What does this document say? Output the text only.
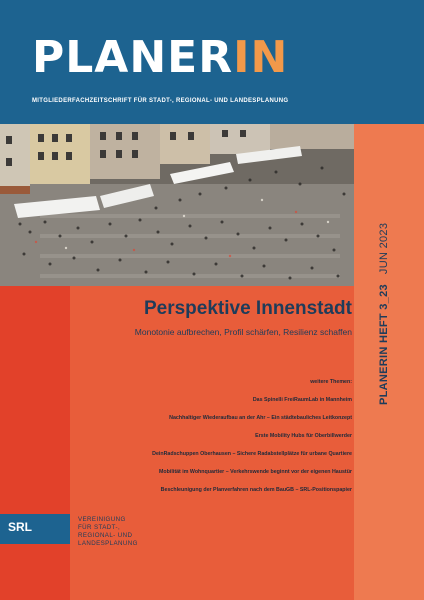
PLANERIN
MITGLIEDERFACHZEITSCHRIFT FÜR STADT-, REGIONAL- UND LANDESPLANUNG
PLANERIN HEFT 3_23JUN 2023
Perspektive Innenstadt
Monotonie aufbrechen, Profil schärfen, Resilienz schaffen
weitere Themen:
Das Spinelli FreiRaumLab in Mannheim
Nachhaltiger Wiederaufbau an der Ahr – Ein städtebauliches Leitkonzept
Erste Mobility Hubs für Oberbillwerder
DeinRadschuppen Oberhausen – Sichere Radabstellplätze für urbane Quartiere
Mobilität im Wohnquartier – Verkehrswende beginnt vor der eigenen Haustür
Beschleunigung der Planverfahren nach dem BauGB – SRL-Positionspapier
SRL
VEREINIGUNG
FÜR STADT-,
REGIONAL- UND
LANDESPLANUNG
